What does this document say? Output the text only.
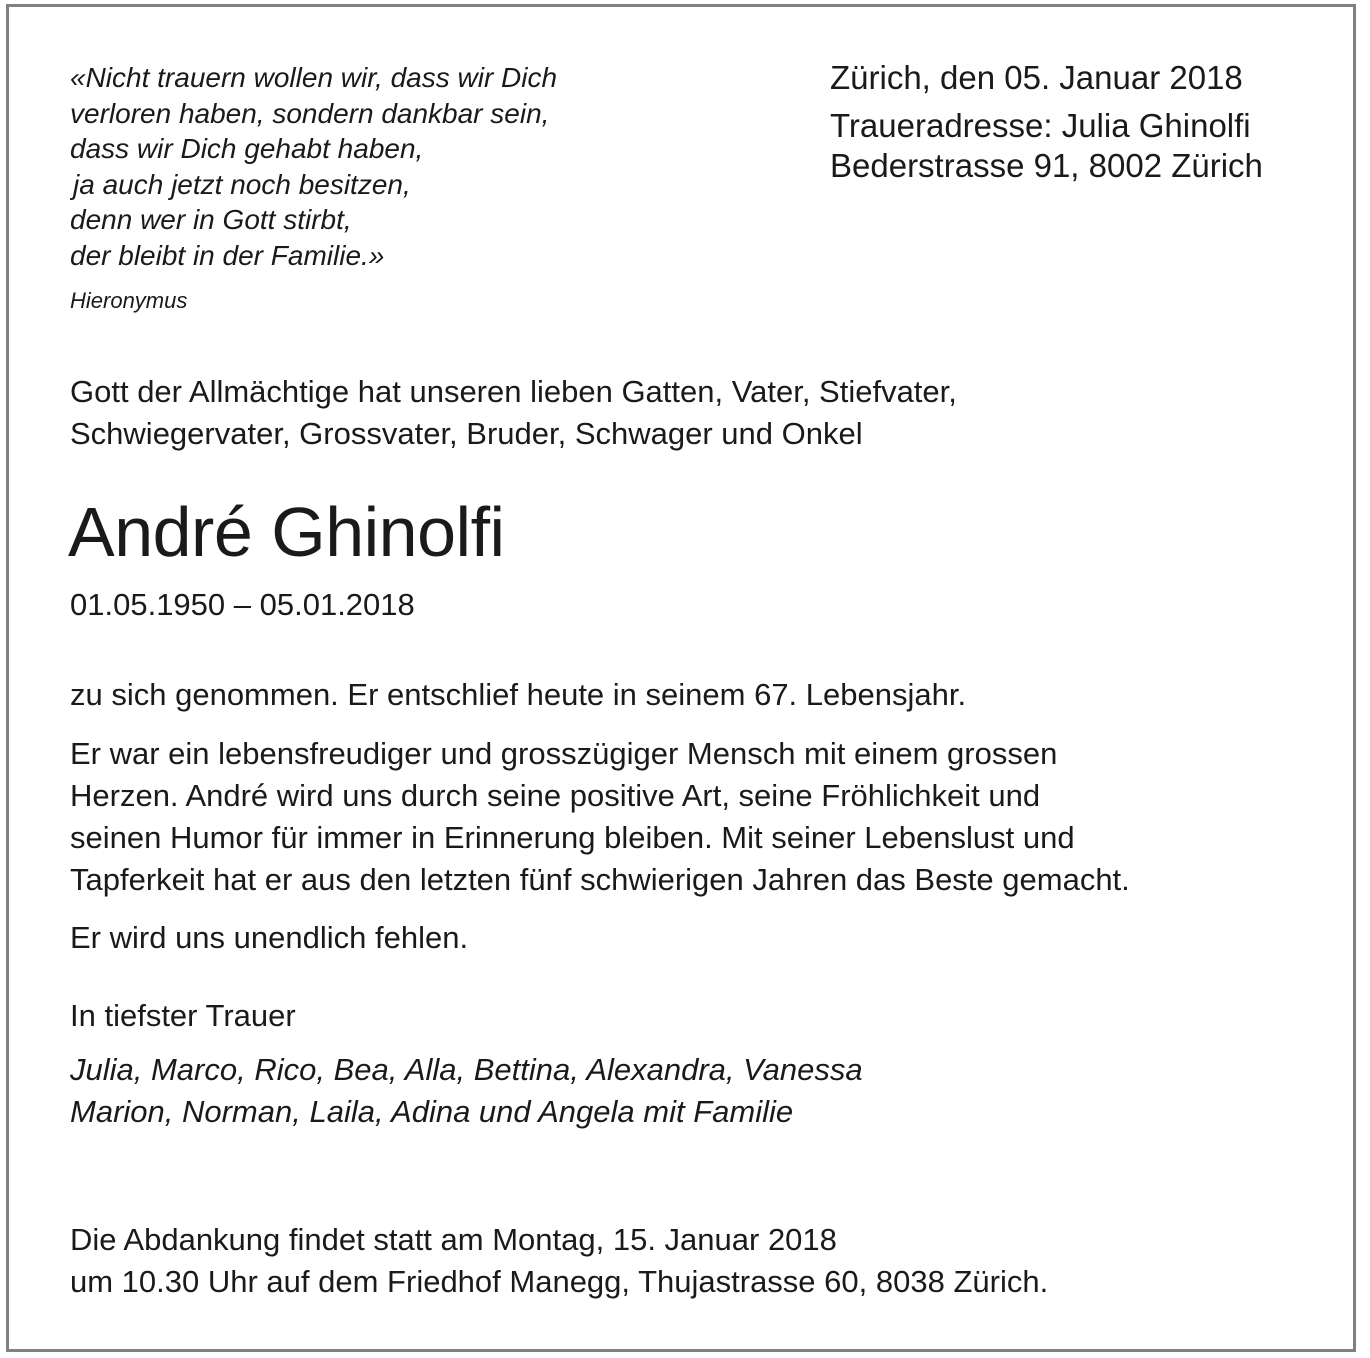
«Nicht trauern wollen wir, dass wir Dich
verloren haben, sondern dankbar sein,
dass wir Dich gehabt haben,
ja auch jetzt noch besitzen,
denn wer in Gott stirbt,
der bleibt in der Familie.»
Hieronymus
Zürich, den 05. Januar 2018
Traueradresse: Julia Ghinolfi
Bederstrasse 91, 8002 Zürich
Gott der Allmächtige hat unseren lieben Gatten, Vater, Stiefvater,
Schwiegervater, Grossvater, Bruder, Schwager und Onkel
André Ghinolfi
01.05.1950 – 05.01.2018
zu sich genommen. Er entschlief heute in seinem 67. Lebensjahr.
Er war ein lebensfreudiger und grosszügiger Mensch mit einem grossen
Herzen. André wird uns durch seine positive Art, seine Fröhlichkeit und
seinen Humor für immer in Erinnerung bleiben. Mit seiner Lebenslust und
Tapferkeit hat er aus den letzten fünf schwierigen Jahren das Beste gemacht.
Er wird uns unendlich fehlen.
In tiefster Trauer
Julia, Marco, Rico, Bea, Alla, Bettina, Alexandra, Vanessa
Marion, Norman, Laila, Adina und Angela mit Familie
Die Abdankung findet statt am Montag, 15. Januar 2018
um 10.30 Uhr auf dem Friedhof Manegg, Thujastrasse 60, 8038 Zürich.
